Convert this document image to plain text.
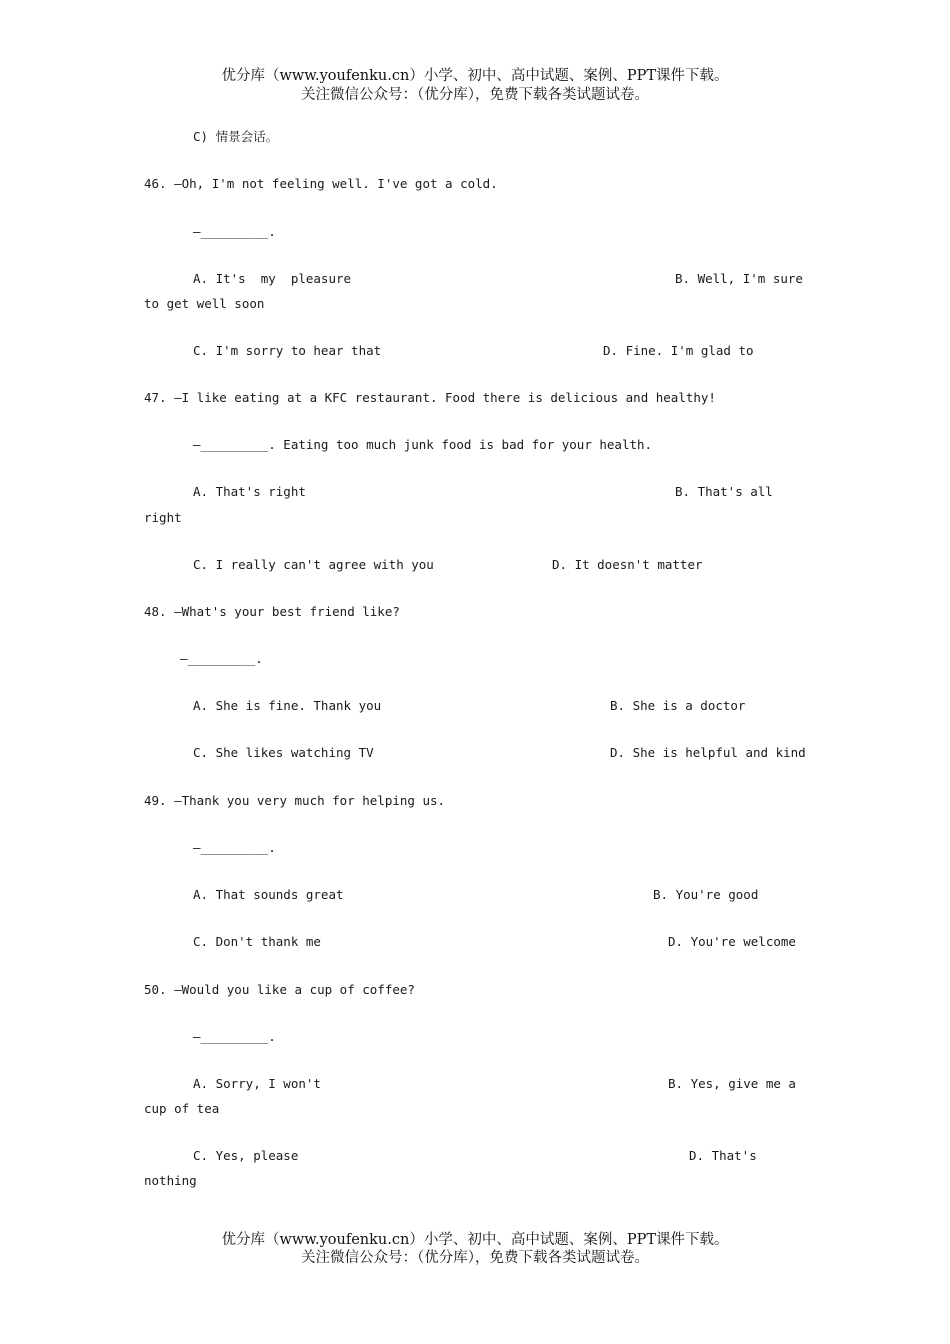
优分库（www.youfenku.cn）小学、初中、高中试题、案例、PPT课件下载。
关注微信公众号：（优分库），免费下载各类试题试卷。
C) 情景会话。
46. —Oh, I'm not feeling well. I've got a cold.
—_________.
A. It's  my  pleasure	B. Well, I'm sure
to get well soon
C. I'm sorry to hear that	D. Fine. I'm glad to
47. —I like eating at a KFC restaurant. Food there is delicious and healthy!
—_________. Eating too much junk food is bad for your health.
A. That's right	B. That's all
right
C. I really can't agree with you	D. It doesn't matter
48. —What's your best friend like?
—_________.
A. She is fine. Thank you	B. She is a doctor
C. She likes watching TV	D. She is helpful and kind
49. —Thank you very much for helping us.
—_________.
A. That sounds great	B. You're good
C. Don't thank me	D. You're welcome
50. —Would you like a cup of coffee?
—_________.
A. Sorry, I won't	B. Yes, give me a
cup of tea
C. Yes, please	D. That's
nothing
优分库（www.youfenku.cn）小学、初中、高中试题、案例、PPT课件下载。
关注微信公众号：（优分库），免费下载各类试题试卷。
